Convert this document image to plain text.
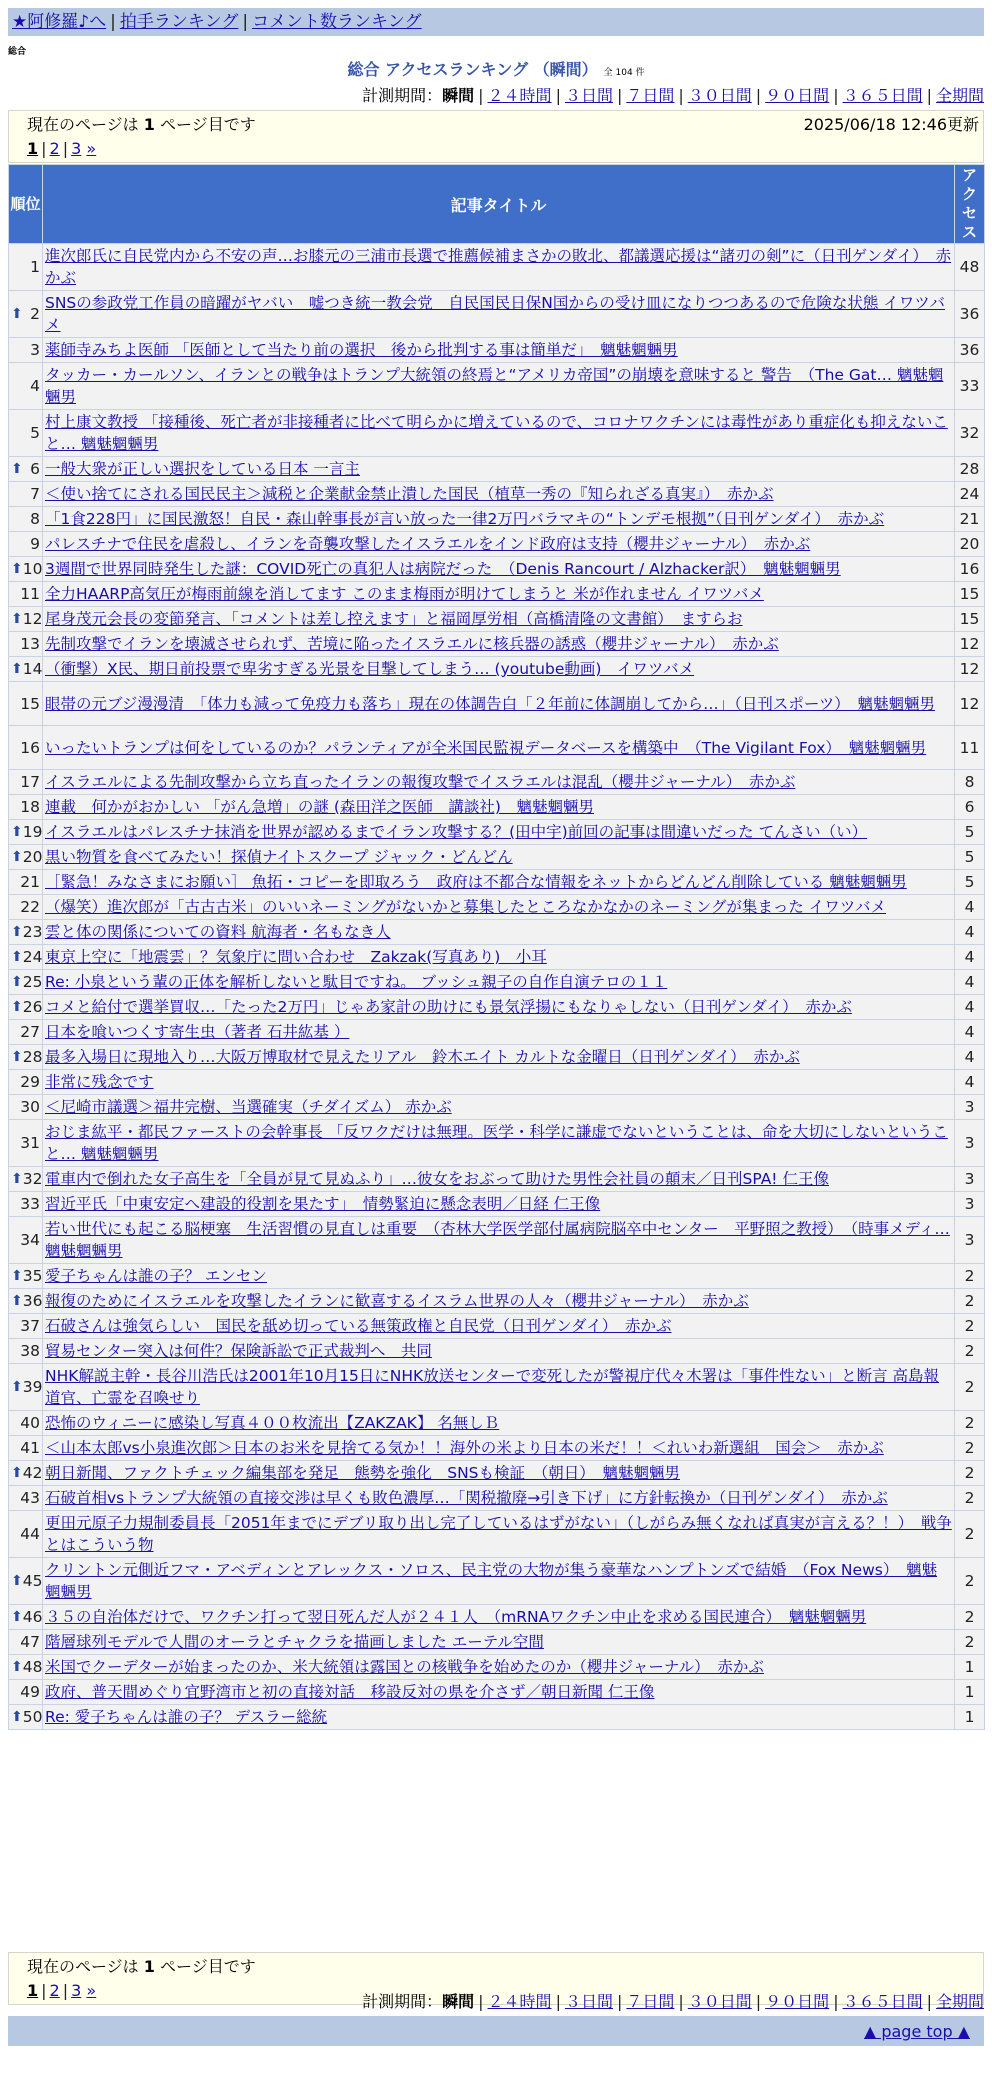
★阿修羅♪へ | 拍手ランキング | コメント数ランキング
総合
総合 アクセスランキング （瞬間） 全 104 件
計測期間：瞬間 | ２４時間 | ３日間 | ７日間 | ３０日間 | ９０日間 | ３６５日間 | 全期間
現在のページは 1 ページ目です	2025/06/18 12:46更新
1 | 2 | 3 »
順位	記事タイトル	アクセス
1	進次郎氏に自民党内から不安の声…お膝元の三浦市長選で推薦候補まさかの敗北、都議選応援は“諸刃の剣”に（日刊ゲンダイ）　赤かぶ	48

⬆ 2	SNSの参政党工作員の暗躍がヤバい　嘘つき統一教会党　自民国民日保N国からの受け皿になりつつあるので危険な状態 イワツバメ	36
3	薬師寺みちよ医師 「医師として当たり前の選択　後から批判する事は簡単だ」　魑魅魍魎男	36
4	タッカー・カールソン、イランとの戦争はトランプ大統領の終焉と“アメリカ帝国”の崩壊を意味すると 警告　（The Gat… 魑魅魍魎男	33
5	村上康文教授 「接種後、死亡者が非接種者に比べて明らかに増えているので、コロナワクチンには毒性があり重症化も抑えないこと… 魑魅魍魎男	32

⬆ 6	一般大衆が正しい選択をしている日本 一言主	28
7	＜使い捨てにされる国民民主＞減税と企業献金禁止潰した国民（植草一秀の『知られざる真実』）　赤かぶ	24
8	「1食228円」に国民激怒！自民・森山幹事長が言い放った一律2万円バラマキの“トンデモ根拠”（日刊ゲンダイ）　赤かぶ	21
9	パレスチナで住民を虐殺し、イランを奇襲攻撃したイスラエルをインド政府は支持（櫻井ジャーナル）　赤かぶ	20

⬆ 10	3週間で世界同時発生した謎：COVID死亡の真犯人は病院だった　（Denis Rancourt / Alzhacker訳）　魑魅魍魎男	16
11	全力HAARP高気圧が梅雨前線を消してます このまま梅雨が明けてしまうと 米が作れません イワツバメ	15

⬆ 12	尾身茂元会長の変節発言、「コメントは差し控えます」と福岡厚労相（高橋清隆の文書館）　ますらお	15
13	先制攻撃でイランを壊滅させられず、苦境に陥ったイスラエルに核兵器の誘惑（櫻井ジャーナル）　赤かぶ	12

⬆ 14	（衝撃）X民、期日前投票で卑劣すぎる光景を目撃してしまう… (youtube動画)　イワツバメ	12
15	眼帯の元ブジ漫漫清　「体力も減って免疫力も落ち」現在の体調告白「２年前に体調崩してから…」（日刊スポーツ）　魑魅魍魎男	12
16	いったいトランプは何をしているのか？パランティアが全米国民監視データベースを構築中　（The Vigilant Fox）　魑魅魍魎男	11
17	イスラエルによる先制攻撃から立ち直ったイランの報復攻撃でイスラエルは混乱（櫻井ジャーナル）　赤かぶ	8
18	連載　何かがおかしい 「がん急増」の謎 (森田洋之医師　講談社)　魑魅魍魎男	6

⬆ 19	イスラエルはパレスチナ抹消を世界が認めるまでイラン攻撃する？(田中宇)前回の記事は間違いだった てんさい（い）	5

⬆ 20	黒い物質を食べてみたい！探偵ナイトスクープ ジャック・どんどん	5
21	［緊急！みなさまにお願い］ 魚拓・コピーを即取ろう　政府は不都合な情報をネットからどんどん削除している 魑魅魍魎男	5
22	（爆笑）進次郎が「古古古米」のいいネーミングがないかと募集したところなかなかのネーミングが集まった イワツバメ	4

⬆ 23	雲と体の関係についての資料 航海者・名もなき人	4

⬆ 24	東京上空に「地震雲」？気象庁に問い合わせ　Zakzak(写真あり)　小耳	4

⬆ 25	Re: 小泉という輩の正体を解析しないと駄目ですね。 ブッシュ親子の自作自演テロの１１	4

⬆ 26	コメと給付で選挙買収…「たった2万円」じゃあ家計の助けにも景気浮揚にもなりゃしない（日刊ゲンダイ）　赤かぶ	4
27	日本を喰いつくす寄生虫（著者 石井紘基 ）	4

⬆ 28	最多入場日に現地入り…大阪万博取材で見えたリアル　鈴木エイト カルトな金曜日（日刊ゲンダイ）　赤かぶ	4
29	非常に残念です	4
30	＜尼崎市議選＞福井完樹、当選確実（チダイズム） 赤かぶ	3
31	おじま紘平・都民ファーストの会幹事長 「反ワクだけは無理。医学・科学に謙虚でないということは、命を大切にしないということ… 魑魅魍魎男	3

⬆ 32	電車内で倒れた女子高生を「全員が見て見ぬふり」…彼女をおぶって助けた男性会社員の顛末／日刊SPA! 仁王像	3
33	習近平氏「中東安定へ建設的役割を果たす」　情勢緊迫に懸念表明／日経 仁王像	3
34	若い世代にも起こる脳梗塞　生活習慣の見直しは重要　（杏林大学医学部付属病院脳卒中センター　平野照之教授）　（時事メディ… 魑魅魍魎男	3

⬆ 35	愛子ちゃんは誰の子？ エンセン	2

⬆ 36	報復のためにイスラエルを攻撃したイランに歓喜するイスラム世界の人々（櫻井ジャーナル）　赤かぶ	2
37	石破さんは強気らしい　国民を舐め切っている無策政権と自民党（日刊ゲンダイ）　赤かぶ	2
38	貿易センター突入は何件？保険訴訟で正式裁判へ　共同	2

⬆ 39	NHK解説主幹・長谷川浩氏は2001年10月15日にNHK放送センターで変死したが警視庁代々木署は「事件性ない」と断言 高島報道官、亡霊を召喚せり	2
40	恐怖のウィニーに感染し写真４００枚流出【ZAKZAK】 名無しＢ	2
41	＜山本太郎vs小泉進次郎＞日本のお米を見捨てる気か！！海外の米より日本の米だ！！＜れいわ新選組　国会＞　赤かぶ	2

⬆ 42	朝日新聞、ファクトチェック編集部を発足　態勢を強化　SNSも検証　（朝日）　魑魅魍魎男	2
43	石破首相vsトランプ大統領の直接交渉は早くも敗色濃厚…「関税撤廃→引き下げ」に方針転換か（日刊ゲンダイ）　赤かぶ	2
44	更田元原子力規制委員長「2051年までにデブリ取り出し完了しているはずがない」（しがらみ無くなれば真実が言える？！）　戦争とはこういう物	2

⬆ 45	クリントン元側近フマ・アベディンとアレックス・ソロス、民主党の大物が集う豪華なハンプトンズで結婚　（Fox News）　魑魅魍魎男	2

⬆ 46	３５の自治体だけで、ワクチン打って翌日死んだ人が２４１人　（mRNAワクチン中止を求める国民連合）　魑魅魍魎男	2
47	階層球列モデルで人間のオーラとチャクラを描画しました エーテル空間	2

⬆ 48	米国でクーデターが始まったのか、米大統領は露国との核戦争を始めたのか（櫻井ジャーナル）　赤かぶ	1
49	政府、普天間めぐり宜野湾市と初の直接対話　移設反対の県を介さず／朝日新聞 仁王像	1

⬆ 50	Re: 愛子ちゃんは誰の子？ デスラー総統	1
現在のページは 1 ページ目です
1 | 2 | 3 »
計測期間：瞬間 | ２４時間 | ３日間 | ７日間 | ３０日間 | ９０日間 | ３６５日間 | 全期間
▲ page top ▲
